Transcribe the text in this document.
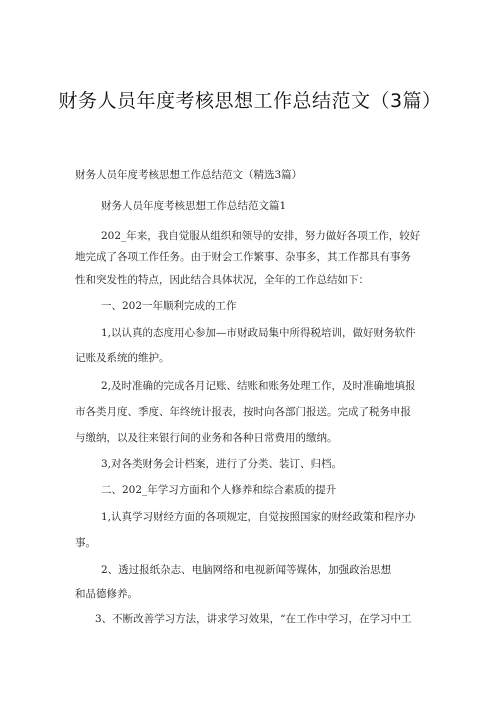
财务人员年度考核思想工作总结范文（3篇）
财务人员年度考核思想工作总结范文（精选3篇）
财务人员年度考核思想工作总结范文篇1
202_年来，我自觉服从组织和领导的安排，努力做好各项工作，较好
地完成了各项工作任务。由于财会工作繁事、杂事多，其工作都具有事务
性和突发性的特点，因此结合具体状况，全年的工作总结如下：
一、202一年顺利完成的工作
1,以认真的态度用心参加—市财政局集中所得税培训，做好财务软件
记账及系统的维护。
2,及时准确的完成各月记账、结账和账务处理工作，及时准确地填报
市各类月度、季度、年终统计报表，按时向各部门报送。完成了税务申报
与缴纳，以及往来银行间的业务和各种日常费用的缴纳。
3,对各类财务会计档案，进行了分类、装订、归档。
二、202_年学习方面和个人修养和综合素质的提升
1,认真学习财经方面的各项规定，自觉按照国家的财经政策和程序办
事。
2、透过报纸杂志、电脑网络和电视新闻等媒体，加强政治思想
和品德修养。
3、不断改善学习方法，讲求学习效果，“在工作中学习，在学习中工
